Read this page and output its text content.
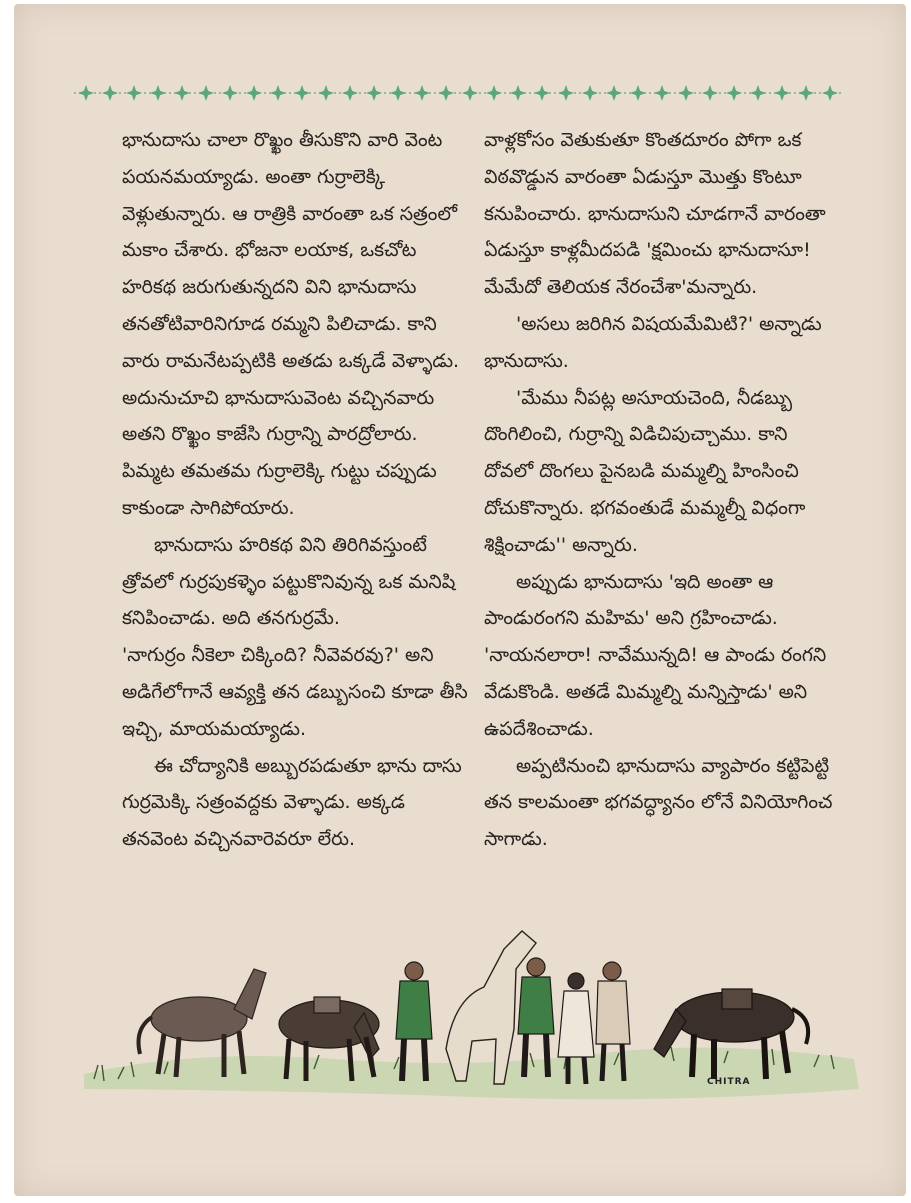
భానుదాసు చాలా రొఖ్ఖం తీసుకొని వారి వెంట పయనమయ్యాడు. అంతా గుర్రాలెక్కి వెళ్లుతున్నారు. ఆ రాత్రికి వారంతా ఒక సత్రంలో మకాం చేశారు. భోజనా లయాక, ఒకచోట హరికథ జరుగుతున్నదని విని భానుదాసు తనతోటివారినిగూడ రమ్మని పిలిచాడు. కాని వారు రామనేటప్పటికి అతడు ఒక్కడే వెళ్ళాడు. అదునుచూచి భానుదాసువెంట వచ్చినవారు అతని రొఖ్ఖం కాజేసి గుర్రాన్ని పారద్రోలారు. పిమ్మట తమతమ గుర్రాలెక్కి గుట్టు చప్పుడు కాకుండా సాగిపోయారు.

భానుదాసు హరికథ విని తిరిగివస్తుంటే త్రోవలో గుర్రపుకళ్ళెం పట్టుకొనివున్న ఒక మనిషి కనిపించాడు. అది తనగుర్రమే.

'నాగుర్రం నీకెలా చిక్కింది? నీవెవరవు?' అని అడిగేలోగానే ఆవ్యక్తి తన డబ్బుసంచి కూడా తీసి ఇచ్చి, మాయమయ్యాడు.

ఈ చోద్యానికి అబ్బురపడుతూ భాను దాసు గుర్రమెక్కి సత్రంవద్దకు వెళ్ళాడు. అక్కడ తనవెంట వచ్చినవారెవరూ లేరు.

వాళ్లకోసం వెతుకుతూ కొంతదూరం పోగా ఒక విఠవొడ్డున వారంతా ఏడుస్తూ మొత్తు కొంటూ కనుపించారు. భానుదాసుని చూడగానే వారంతా ఏడుస్తూ కాళ్లమీదపడి 'క్షమించు భానుదాసూ! మేమేదో తెలియక నేరంచేశా'మన్నారు.

'అసలు జరిగిన విషయమేమిటి?' అన్నాడు భానుదాసు.

'మేము నీపట్ల అసూయచెంది, నీడబ్బు దొంగిలించి, గుర్రాన్ని విడిచిపుచ్చాము. కాని దోవలో దొంగలు పైనబడి మమ్మల్ని హింసించి దోచుకొన్నారు. భగవంతుడే మమ్మల్నీ విధంగా శిక్షించాడు'' అన్నారు.

అప్పుడు భానుదాసు 'ఇది అంతా ఆ పాండురంగని మహిమ' అని గ్రహించాడు. 'నాయనలారా! నావేమున్నది! ఆ పాండు రంగని వేడుకొండి. అతడే మిమ్మల్ని మన్నిస్తాడు' అని ఉపదేశించాడు.

అప్పటినుంచి భానుదాసు వ్యాపారం కట్టిపెట్టి తన కాలమంతా భగవద్ధ్యానం లోనే వినియోగించ సాగాడు.

CHITRA
